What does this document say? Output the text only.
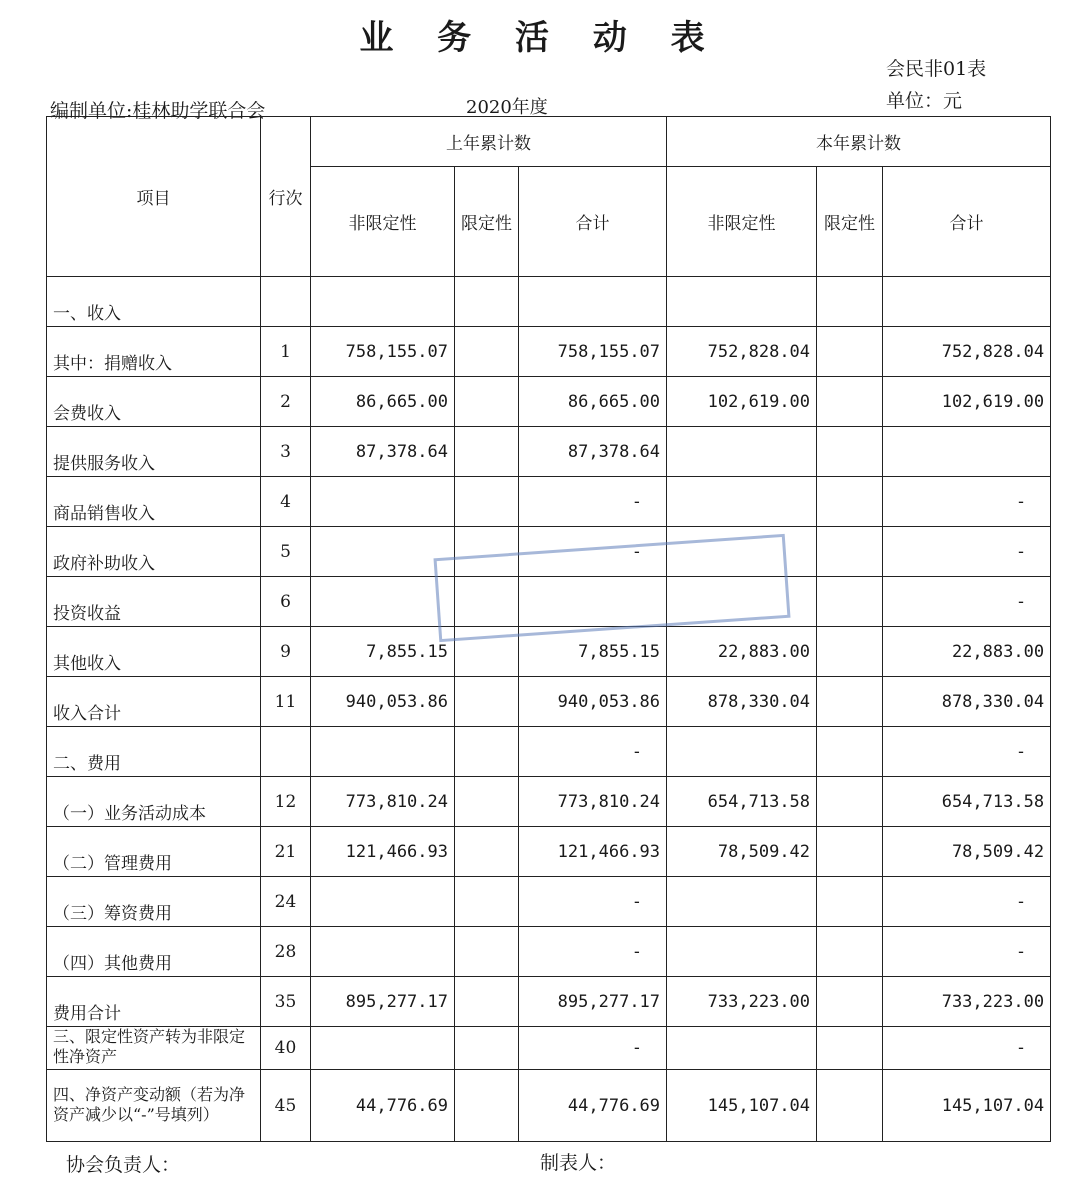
业 务 活 动 表
会民非01表
单位：元
编制单位:桂林助学联合会	2020年度
项目	行次	上年累计数			本年累计数		
		非限定性	限定性	合计	非限定性	限定性	合计
一、收入							
其中：捐赠收入	1	758,155.07		758,155.07	752,828.04		752,828.04
会费收入	2	86,665.00		86,665.00	102,619.00		102,619.00
提供服务收入	3	87,378.64		87,378.64			
商品销售收入	4			-			-
政府补助收入	5			-			-
投资收益	6						-
其他收入	9	7,855.15		7,855.15	22,883.00		22,883.00
收入合计	11	940,053.86		940,053.86	878,330.04		878,330.04
二、费用				-			-
（一）业务活动成本	12	773,810.24		773,810.24	654,713.58		654,713.58
（二）管理费用	21	121,466.93		121,466.93	78,509.42		78,509.42
（三）筹资费用	24			-			-
（四）其他费用	28			-			-
费用合计	35	895,277.17		895,277.17	733,223.00		733,223.00
三、限定性资产转为非限定性净资产	40			-			-
四、净资产变动额（若为净资产减少以“-”号填列）	45	44,776.69		44,776.69	145,107.04		145,107.04
协会负责人：	制表人：
